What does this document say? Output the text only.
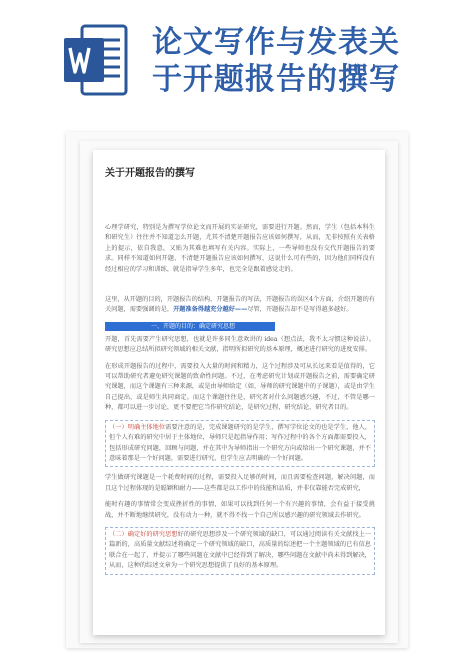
论文写作与发表关
于开题报告的撰写
关于开题报告的撰写

心理学研究，特别是为撰写学位论文而开展的实证研究，需要进行开题。然而，学生（包括本科生和研究生）往往并不知道怎么开题，尤其不清楚开题报告应该如何撰写，从而，无非按照有关表格上的提示，依自我意，又贴为其难也填写有关内容。实际上，一些导师也没有交代开题报告的要求。同样不知道如何开题，不清楚开题报告应该如何撰写，这说什么可有些的，因为他们同样没有经过相应的学习和训练，就是指导学生多年，也完全是跟着感觉走的。

这里，从开题的目的，开题报告的结构，开题报告的写法，开题报告的误区4个方面，介绍开题的有关问题，需要强调的是，开题准备得越充分越好——尽管，开题报告却不是写得越多越好。

一、开题的目的：确定研究思想

开题，首先需要产生研究思想，也就是许多同生意欢讲的 idea（想点法，我不太习惯这种说法）。研究思想应总结所拟研究领域的相关文献，指明所拟研究的基本原理，概述进行研究的进度安排。

在形成开题报告的过程中，需要投入大量的时间和精力，这个过程涉及可从长远来看是值得的，它可以帮助研究者避免研究课题的致命性问题。不过，在考虑研究计划或开题报告之前，需要确定研究课题，而这个课题有三种来源，或是由导师给定（如，导师的研究课题中的子课题），或是由学生自己提出，或是师生共同商定。而这个课题往往是，研究者对什么问题感兴趣，不过，不管是哪一种，都可以进一步讨论，更不要把它当作研究结论，是研究过程，研究结论，研究者目的。

（一）明确主体地位需要注意的是，完成课题研究的是学生，撰写学位论文的也是学生，他人，但个人有难的研究中居于主体地位，导师只是起指导作用；写作过程中的各个方面都需要投入，包括形成研究问题，回顾与问题，并在其中为导师指出一个研究方向或给出一个研究课题，并不意味着那是一个好问题，需要进行研究，但学生应去明确的一个好问题。

学生做研究课题是一个耗费时间的过程，需要投入足够的时间，而且需要检查问题，解决问题，而且这个过程体现的是聪颖和耐力——这些都是以工作中的技能和品质，并非仅靠能否完成研究，

能时有趣的事情常会变成挫折性的事情，如果可以找到任何一个有兴趣的事情，会有益于接受挑战，并不断地继续研究，没有动力一种，就不得不找一个自己所以感兴趣的研究领域去作研究。

（二）确定好的研究思想好的研究思想涉及一个研究领域的缺口，可以通过阅读有关文献找上一篇新的，高质量文献综述将确定一个研究领域的缺口，高质量的综述把一个主题领域的已有信息联合在一起了，并提示了哪些问题在文献中已经得到了解决，哪些问题在文献中尚未得到解决，从而，这种的综述文章为一个研究思想提供了良好的基本原理。
